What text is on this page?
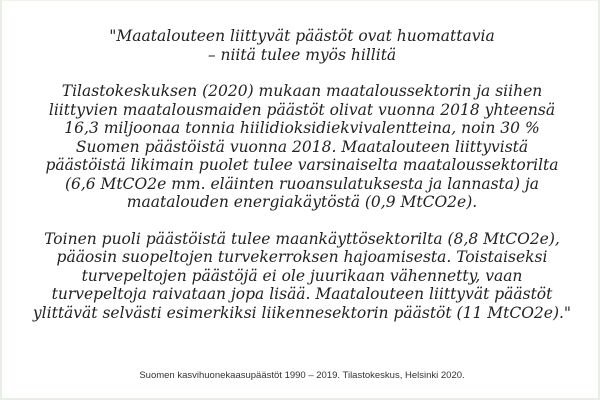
"Maatalouteen liittyvät päästöt ovat huomattavia
– niitä tulee myös hillitä
Tilastokeskuksen (2020) mukaan maataloussektorin ja siihen
liittyvien maatalousmaiden päästöt olivat vuonna 2018 yhteensä
16,3 miljoonaa tonnia hiilidioksidiekvivalentteina, noin 30 %
Suomen päästöistä vuonna 2018. Maatalouteen liittyvistä
päästöistä likimain puolet tulee varsinaiselta maataloussektorilta
(6,6 MtCO2e mm. eläinten ruoansulatuksesta ja lannasta) ja
maatalouden energiakäytöstä (0,9 MtCO2e).
Toinen puoli päästöistä tulee maankäyttösektorilta (8,8 MtCO2e),
pääosin suopeltojen turvekerroksen hajoamisesta. Toistaiseksi
turvepeltojen päästöjä ei ole juurikaan vähennetty, vaan
turvepeltoja raivataan jopa lisää. Maatalouteen liittyvät päästöt
ylittävät selvästi esimerkiksi liikennesektorin päästöt (11 MtCO2e)."
Suomen kasvihuonekaasupäästöt 1990 – 2019. Tilastokeskus, Helsinki 2020.
